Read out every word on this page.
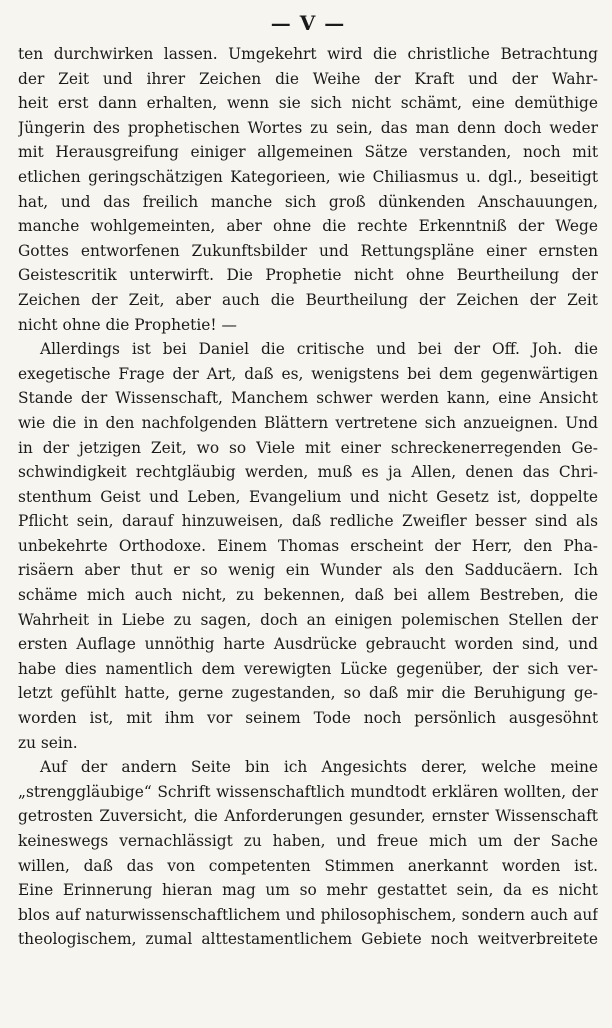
— V —
ten durchwirken lassen. Umgekehrt wird die christliche Betrachtung
der Zeit und ihrer Zeichen die Weihe der Kraft und der Wahr-
heit erst dann erhalten, wenn sie sich nicht schämt, eine demüthige
Jüngerin des prophetischen Wortes zu sein, das man denn doch weder
mit Herausgreifung einiger allgemeinen Sätze verstanden, noch mit
etlichen geringschätzigen Kategorieen, wie Chiliasmus u. dgl., beseitigt
hat, und das freilich manche sich groß dünkenden Anschauungen,
manche wohlgemeinten, aber ohne die rechte Erkenntniß der Wege
Gottes entworfenen Zukunftsbilder und Rettungspläne einer ernsten
Geistescritik unterwirft. Die Prophetie nicht ohne Beurtheilung der
Zeichen der Zeit, aber auch die Beurtheilung der Zeichen der Zeit
nicht ohne die Prophetie! —
Allerdings ist bei Daniel die critische und bei der Off. Joh. die
exegetische Frage der Art, daß es, wenigstens bei dem gegenwärtigen
Stande der Wissenschaft, Manchem schwer werden kann, eine Ansicht
wie die in den nachfolgenden Blättern vertretene sich anzueignen. Und
in der jetzigen Zeit, wo so Viele mit einer schreckenerregenden Ge-
schwindigkeit rechtgläubig werden, muß es ja Allen, denen das Chri-
stenthum Geist und Leben, Evangelium und nicht Gesetz ist, doppelte
Pflicht sein, darauf hinzuweisen, daß redliche Zweifler besser sind als
unbekehrte Orthodoxe. Einem Thomas erscheint der Herr, den Pha-
risäern aber thut er so wenig ein Wunder als den Sadducäern. Ich
schäme mich auch nicht, zu bekennen, daß bei allem Bestreben, die
Wahrheit in Liebe zu sagen, doch an einigen polemischen Stellen der
ersten Auflage unnöthig harte Ausdrücke gebraucht worden sind, und
habe dies namentlich dem verewigten Lücke gegenüber, der sich ver-
letzt gefühlt hatte, gerne zugestanden, so daß mir die Beruhigung ge-
worden ist, mit ihm vor seinem Tode noch persönlich ausgesöhnt
zu sein.
Auf der andern Seite bin ich Angesichts derer, welche meine
„strenggläubige“ Schrift wissenschaftlich mundtodt erklären wollten, der
getrosten Zuversicht, die Anforderungen gesunder, ernster Wissenschaft
keineswegs vernachlässigt zu haben, und freue mich um der Sache
willen, daß das von competenten Stimmen anerkannt worden ist.
Eine Erinnerung hieran mag um so mehr gestattet sein, da es nicht
blos auf naturwissenschaftlichem und philosophischem, sondern auch auf
theologischem, zumal alttestamentlichem Gebiete noch weitverbreitete
